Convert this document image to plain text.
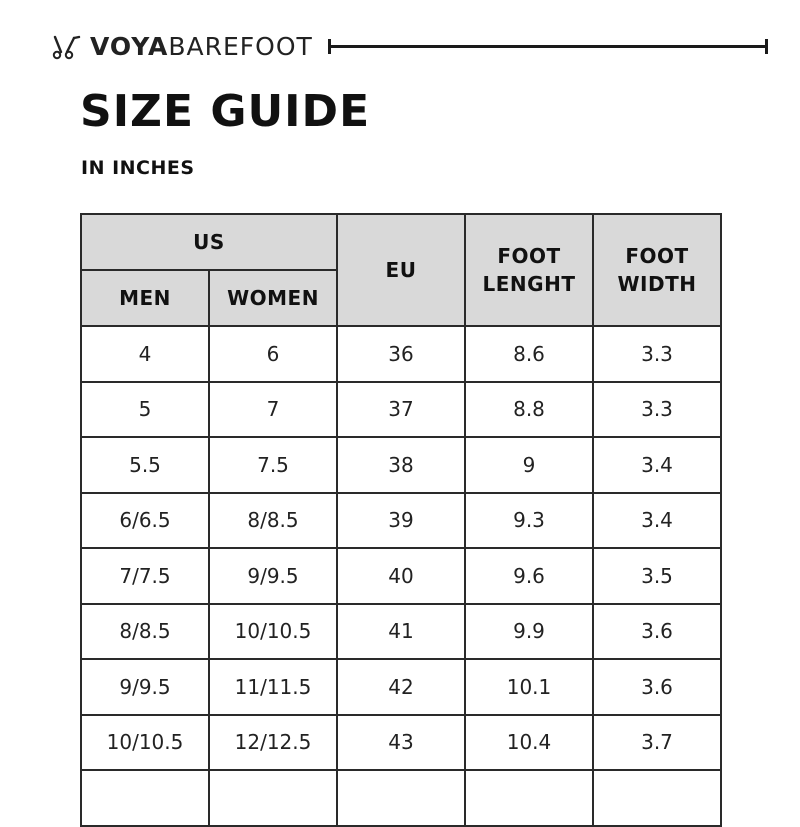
VOYABAREFOOT
SIZE GUIDE
IN INCHES
US		EU	FOOT LENGHT	FOOT WIDTH

MEN	WOMEN			
4	6	36	8.6	3.3
5	7	37	8.8	3.3
5.5	7.5	38	9	3.4
6/6.5	8/8.5	39	9.3	3.4
7/7.5	9/9.5	40	9.6	3.5
8/8.5	10/10.5	41	9.9	3.6
9/9.5	11/11.5	42	10.1	3.6
10/10.5	12/12.5	43	10.4	3.7
